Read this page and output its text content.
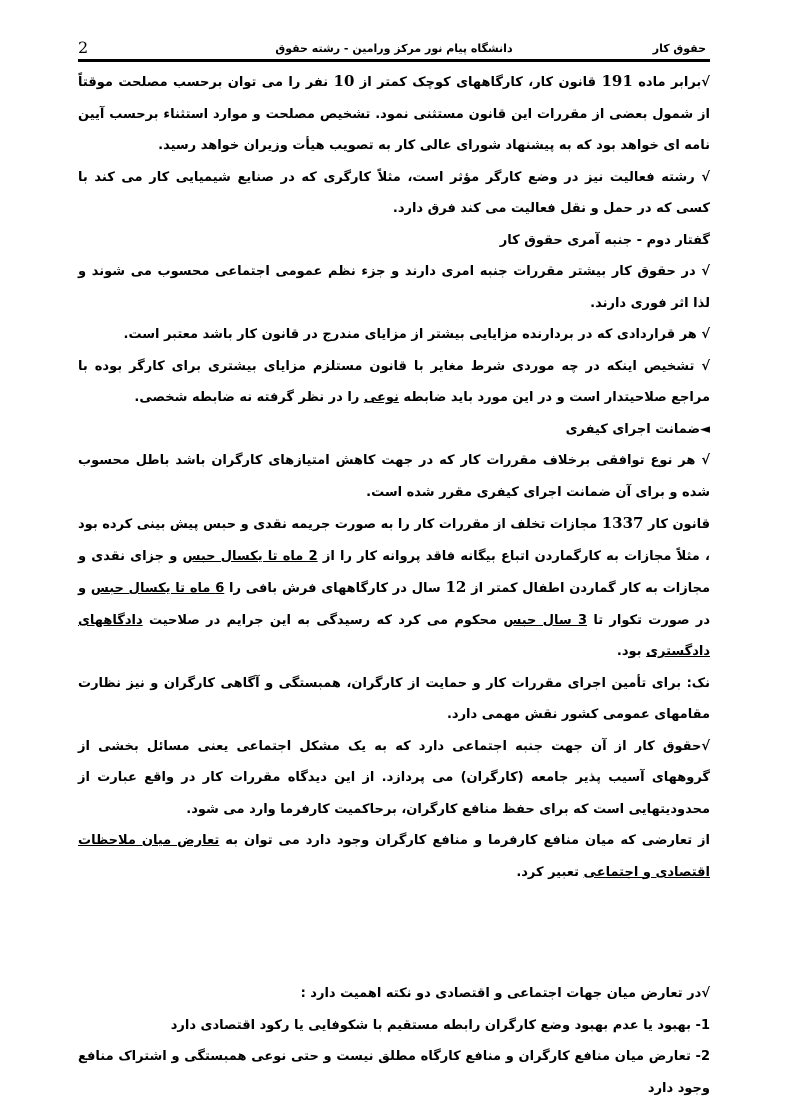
2	دانشگاه پیام نور مرکز ورامین - رشته حقوق	حقوق کار

√برابر ماده 191 قانون کار، کارگاههای کوچک کمتر از 10 نفر را می توان برحسب مصلحت موقتاً از شمول بعضی از مقررات این قانون مستثنی نمود. تشخیص مصلحت و موارد استثناء برحسب آیین نامه ای خواهد بود که به پیشنهاد شورای عالی کار به تصویب هیأت وزیران خواهد رسید.

√ رشته فعالیت نیز در وضع کارگر مؤثر است، مثلاً کارگری که در صنایع شیمیایی کار می کند با کسی که در حمل و نقل فعالیت می کند فرق دارد.

گفتار دوم - جنبه آمری حقوق کار

√ در حقوق کار بیشتر مقررات جنبه امری دارند و جزء نظم عمومی اجتماعی محسوب می شوند و لذا اثر فوری دارند.

√ هر قراردادی که در بردارنده مزایایی بیشتر از مزایای مندرج در قانون کار باشد معتبر است.

√ تشخیص اینکه در چه موردی شرط مغایر با قانون مستلزم مزایای بیشتری برای کارگر بوده با مراجع صلاحیتدار است و در این مورد باید ضابطه نوعی را در نظر گرفته نه ضابطه شخصی.

◄ضمانت اجرای کیفری

√ هر نوع توافقی برخلاف مقررات کار که در جهت کاهش امتیازهای کارگران باشد باطل محسوب شده و برای آن ضمانت اجرای کیفری مقرر شده است.

قانون کار 1337 مجازات تخلف از مقررات کار را به صورت جریمه نقدی و حبس پیش بینی کرده بود ، مثلاً مجازات به کارگماردن اتباع بیگانه فاقد پروانه کار را از 2 ماه تا یکسال حبس و جزای نقدی و مجازات به کار گماردن اطفال کمتر از 12 سال در کارگاههای فرش بافی را 6 ماه تا یکسال حبس و در صورت تکوار تا 3 سال حبس محکوم می کرد که رسیدگی به این جرایم در صلاحیت دادگاههای دادگستری بود.

نک: برای تأمین اجرای مقررات کار و حمایت از کارگران، همبستگی و آگاهی کارگران و نیز نظارت مقامهای عمومی کشور نقش مهمی دارد.

√حقوق کار از آن جهت جنبه اجتماعی دارد که به یک مشکل اجتماعی یعنی مسائل بخشی از گروههای آسیب پذیر جامعه (کارگران) می پردازد. از این دیدگاه مقررات کار در واقع عبارت از محدودیتهایی است که برای حفظ منافع کارگران، برحاکمیت کارفرما وارد می شود.

از تعارضی که میان منافع کارفرما و منافع کارگران وجود دارد می توان به تعارض میان ملاحظات اقتصادی و اجتماعی تعبیر کرد.

√در تعارض میان جهات اجتماعی و اقتصادی دو نکته اهمیت دارد :

1- بهبود یا عدم بهبود وضع کارگران رابطه مستقیم با شکوفایی یا رکود اقتصادی دارد

2- تعارض میان منافع کارگران و منافع کارگاه مطلق نیست و حتی نوعی همبستگی و اشتراک منافع وجود دارد
